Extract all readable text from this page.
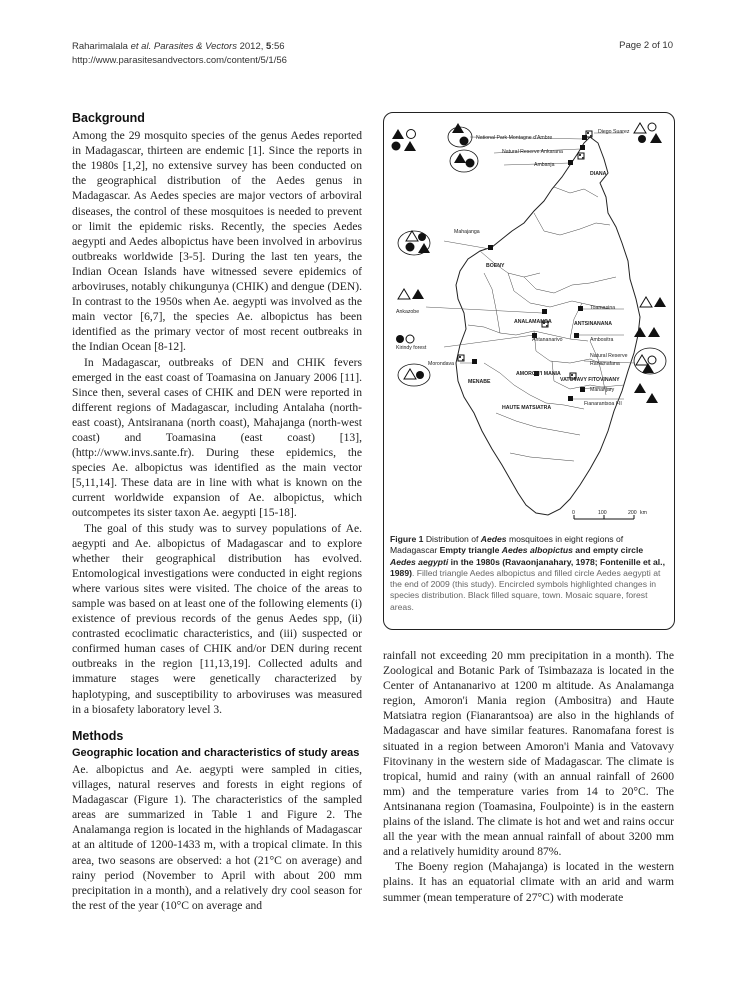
Raharimalala et al. Parasites & Vectors 2012, 5:56
http://www.parasitesandvectors.com/content/5/1/56
Page 2 of 10
Background

Among the 29 mosquito species of the genus Aedes reported in Madagascar, thirteen are endemic [1]. Since the reports in the 1980s [1,2], no extensive survey has been conducted on the geographical distribution of the Aedes genus in Madagascar. As Aedes species are major vectors of arboviral diseases, the control of these mosquitoes is needed to prevent or limit the epidemic risks. Recently, the species Aedes aegypti and Aedes albopictus have been involved in arbovirus outbreaks worldwide [3-5]. During the last ten years, the Indian Ocean Islands have witnessed severe epidemics of arboviruses, notably chikungunya (CHIK) and dengue (DEN). In contrast to the 1950s when Ae. aegypti was involved as the main vector [6,7], the species Ae. albopictus has been identified as the primary vector of most recent outbreaks in the Indian Ocean [8-12].

In Madagascar, outbreaks of DEN and CHIK fevers emerged in the east coast of Toamasina on January 2006 [11]. Since then, several cases of CHIK and DEN were reported in different regions of Madagascar, including Antalaha (north-east coast), Antsiranana (north coast), Mahajanga (north-west coast) and Toamasina (east coast) [13], (http://www.invs.sante.fr). During these epidemics, the species Ae. albopictus was identified as the main vector [5,11,14]. These data are in line with what is known on the current worldwide expansion of Ae. albopictus, which outcompetes its sister taxon Ae. aegypti [15-18].

The goal of this study was to survey populations of Ae. aegypti and Ae. albopictus of Madagascar and to explore whether their geographical distribution has evolved. Entomological investigations were conducted in eight regions where various sites were visited. The choice of the areas to sample was based on at least one of the following elements (i) existence of previous records of the genus Aedes spp, (ii) contrasted ecoclimatic characteristics, and (iii) suspected or confirmed human cases of CHIK and/or DEN during recent outbreaks in the region [11,13,19]. Collected adults and immature stages were genetically characterized by haplotyping, and susceptibility to arboviruses was measured in a biosafety laboratory level 3.

Methods
Geographic location and characteristics of study areas

Ae. albopictus and Ae. aegypti were sampled in cities, villages, natural reserves and forests in eight regions of Madagascar (Figure 1). The characteristics of the sampled areas are summarized in Table 1 and Figure 2. The Analamanga region is located in the highlands of Madagascar at an altitude of 1200-1433 m, with a tropical climate. In this area, two seasons are observed: a hot (21°C on average) and rainy period (November to April with about 200 mm precipitation in a month), and a relatively dry cool season for the rest of the year (10°C on average and

National Park Montagne d'Ambre
Natural Reserve Ankarana
Ambanja
Diego Suarez
DIANA
Mahajanga
BOENY
Ankazobe
ANALAMANGA
Antananarivo
Toamasina
ANTSINANANA
Ambositra
Kirindy forest
Morondava
Natural Reserve
Ranomafana
MENABE
AMORON'I MANIA
VATOVAVY FITOVINANY
Mananjary
Fianarantsoa I-II
HAUTE MATSIATRA
0	100	200 km
Figure 1 Distribution of Aedes mosquitoes in eight regions of Madagascar Empty triangle Aedes albopictus and empty circle Aedes aegypti in the 1980s (Ravaonjanahary, 1978; Fontenille et al., 1989). Filled triangle Aedes albopictus and filled circle Aedes aegypti at the end of 2009 (this study). Encircled symbols highlighted changes in species distribution. Black filled square, town. Mosaic square, forest areas.

rainfall not exceeding 20 mm precipitation in a month). The Zoological and Botanic Park of Tsimbazaza is located in the Center of Antananarivo at 1200 m altitude. As Analamanga region, Amoron'i Mania region (Ambositra) and Haute Matsiatra region (Fianarantsoa) are also in the highlands of Madagascar and have similar features. Ranomafana forest is situated in a region between Amoron'i Mania and Vatovavy Fitovinany in the western side of Madagascar. The climate is tropical, humid and rainy (with an annual rainfall of 2600 mm) and the temperature varies from 14 to 20°C. The Antsinanana region (Toamasina, Foulpointe) is in the eastern plains of the island. The climate is hot and wet and rains occur all the year with the mean annual rainfall of about 3200 mm and a relatively humidity around 87%.

The Boeny region (Mahajanga) is located in the western plains. It has an equatorial climate with an arid and warm summer (mean temperature of 27°C) with moderate
